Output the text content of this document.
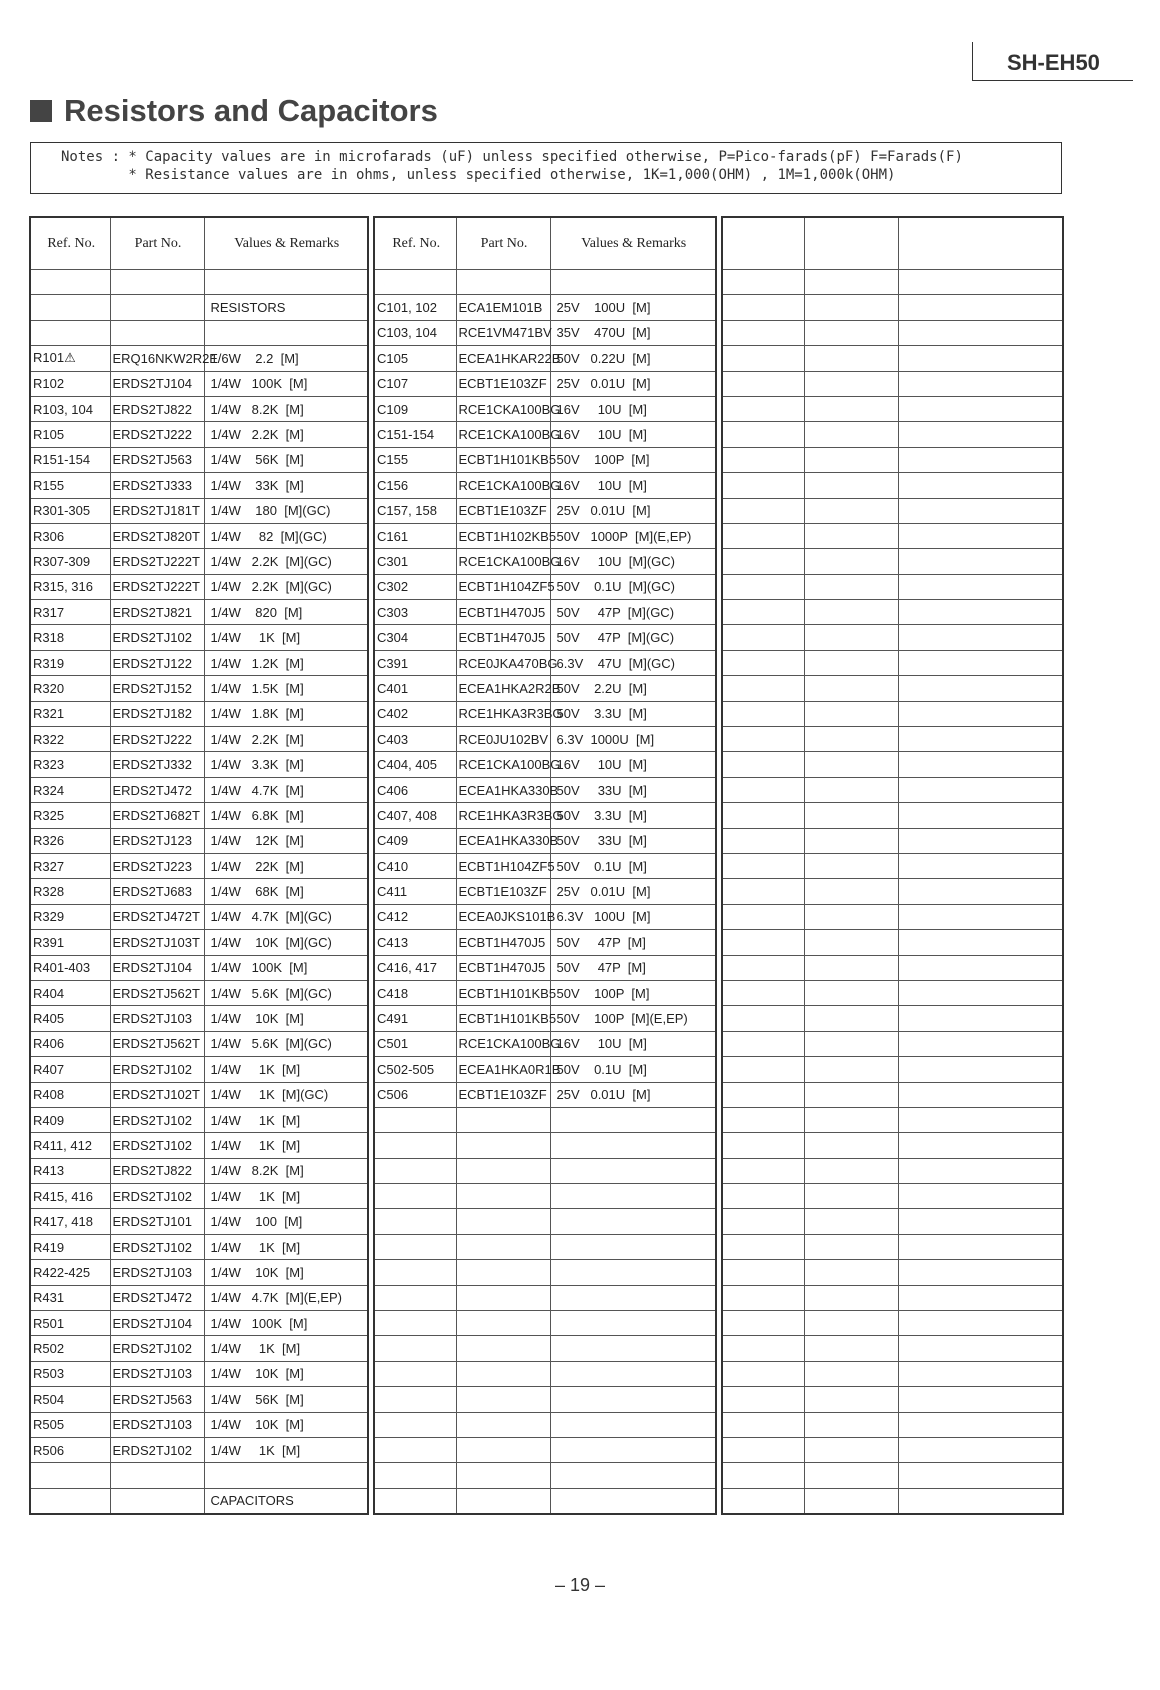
SH-EH50
Resistors and Capacitors
Notes : * Capacity values are in microfarads (uF) unless specified otherwise, P=Pico-farads(pF) F=Farads(F)
* Resistance values are in ohms, unless specified otherwise, 1K=1,000(OHM) , 1M=1,000k(OHM)
Ref. No.	Part No.	Values & Remarks

		RESISTORS

R101⚠	ERQ16NKW2R2E	1/6W    2.2  [M]
R102	ERDS2TJ104	1/4W   100K  [M]
R103, 104	ERDS2TJ822	1/4W   8.2K  [M]
R105	ERDS2TJ222	1/4W   2.2K  [M]
R151-154	ERDS2TJ563	1/4W    56K  [M]
R155	ERDS2TJ333	1/4W    33K  [M]
R301-305	ERDS2TJ181T	1/4W    180  [M](GC)
R306	ERDS2TJ820T	1/4W     82  [M](GC)
R307-309	ERDS2TJ222T	1/4W   2.2K  [M](GC)
R315, 316	ERDS2TJ222T	1/4W   2.2K  [M](GC)
R317	ERDS2TJ821	1/4W    820  [M]
R318	ERDS2TJ102	1/4W     1K  [M]
R319	ERDS2TJ122	1/4W   1.2K  [M]
R320	ERDS2TJ152	1/4W   1.5K  [M]
R321	ERDS2TJ182	1/4W   1.8K  [M]
R322	ERDS2TJ222	1/4W   2.2K  [M]
R323	ERDS2TJ332	1/4W   3.3K  [M]
R324	ERDS2TJ472	1/4W   4.7K  [M]
R325	ERDS2TJ682T	1/4W   6.8K  [M]
R326	ERDS2TJ123	1/4W    12K  [M]
R327	ERDS2TJ223	1/4W    22K  [M]
R328	ERDS2TJ683	1/4W    68K  [M]
R329	ERDS2TJ472T	1/4W   4.7K  [M](GC)
R391	ERDS2TJ103T	1/4W    10K  [M](GC)
R401-403	ERDS2TJ104	1/4W   100K  [M]
R404	ERDS2TJ562T	1/4W   5.6K  [M](GC)
R405	ERDS2TJ103	1/4W    10K  [M]
R406	ERDS2TJ562T	1/4W   5.6K  [M](GC)
R407	ERDS2TJ102	1/4W     1K  [M]
R408	ERDS2TJ102T	1/4W     1K  [M](GC)
R409	ERDS2TJ102	1/4W     1K  [M]
R411, 412	ERDS2TJ102	1/4W     1K  [M]
R413	ERDS2TJ822	1/4W   8.2K  [M]
R415, 416	ERDS2TJ102	1/4W     1K  [M]
R417, 418	ERDS2TJ101	1/4W    100  [M]
R419	ERDS2TJ102	1/4W     1K  [M]
R422-425	ERDS2TJ103	1/4W    10K  [M]
R431	ERDS2TJ472	1/4W   4.7K  [M](E,EP)
R501	ERDS2TJ104	1/4W   100K  [M]
R502	ERDS2TJ102	1/4W     1K  [M]
R503	ERDS2TJ103	1/4W    10K  [M]
R504	ERDS2TJ563	1/4W    56K  [M]
R505	ERDS2TJ103	1/4W    10K  [M]
R506	ERDS2TJ102	1/4W     1K  [M]

		CAPACITORS
Ref. No.	Part No.	Values & Remarks

C101, 102	ECA1EM101B	25V    100U  [M]
C103, 104	RCE1VM471BV	35V    470U  [M]
C105	ECEA1HKAR22B	50V   0.22U  [M]
C107	ECBT1E103ZF	25V   0.01U  [M]
C109	RCE1CKA100BG	16V     10U  [M]
C151-154	RCE1CKA100BG	16V     10U  [M]
C155	ECBT1H101KB5	50V    100P  [M]
C156	RCE1CKA100BG	16V     10U  [M]
C157, 158	ECBT1E103ZF	25V   0.01U  [M]
C161	ECBT1H102KB5	50V   1000P  [M](E,EP)
C301	RCE1CKA100BG	16V     10U  [M](GC)
C302	ECBT1H104ZF5	50V    0.1U  [M](GC)
C303	ECBT1H470J5	50V     47P  [M](GC)
C304	ECBT1H470J5	50V     47P  [M](GC)
C391	RCE0JKA470BG	6.3V    47U  [M](GC)
C401	ECEA1HKA2R2B	50V    2.2U  [M]
C402	RCE1HKA3R3BG	50V    3.3U  [M]
C403	RCE0JU102BV	6.3V  1000U  [M]
C404, 405	RCE1CKA100BG	16V     10U  [M]
C406	ECEA1HKA330B	50V     33U  [M]
C407, 408	RCE1HKA3R3BG	50V    3.3U  [M]
C409	ECEA1HKA330B	50V     33U  [M]
C410	ECBT1H104ZF5	50V    0.1U  [M]
C411	ECBT1E103ZF	25V   0.01U  [M]
C412	ECEA0JKS101B	6.3V   100U  [M]
C413	ECBT1H470J5	50V     47P  [M]
C416, 417	ECBT1H470J5	50V     47P  [M]
C418	ECBT1H101KB5	50V    100P  [M]
C491	ECBT1H101KB5	50V    100P  [M](E,EP)
C501	RCE1CKA100BG	16V     10U  [M]
C502-505	ECEA1HKA0R1B	50V    0.1U  [M]
C506	ECBT1E103ZF	25V   0.01U  [M]

– 19 –
